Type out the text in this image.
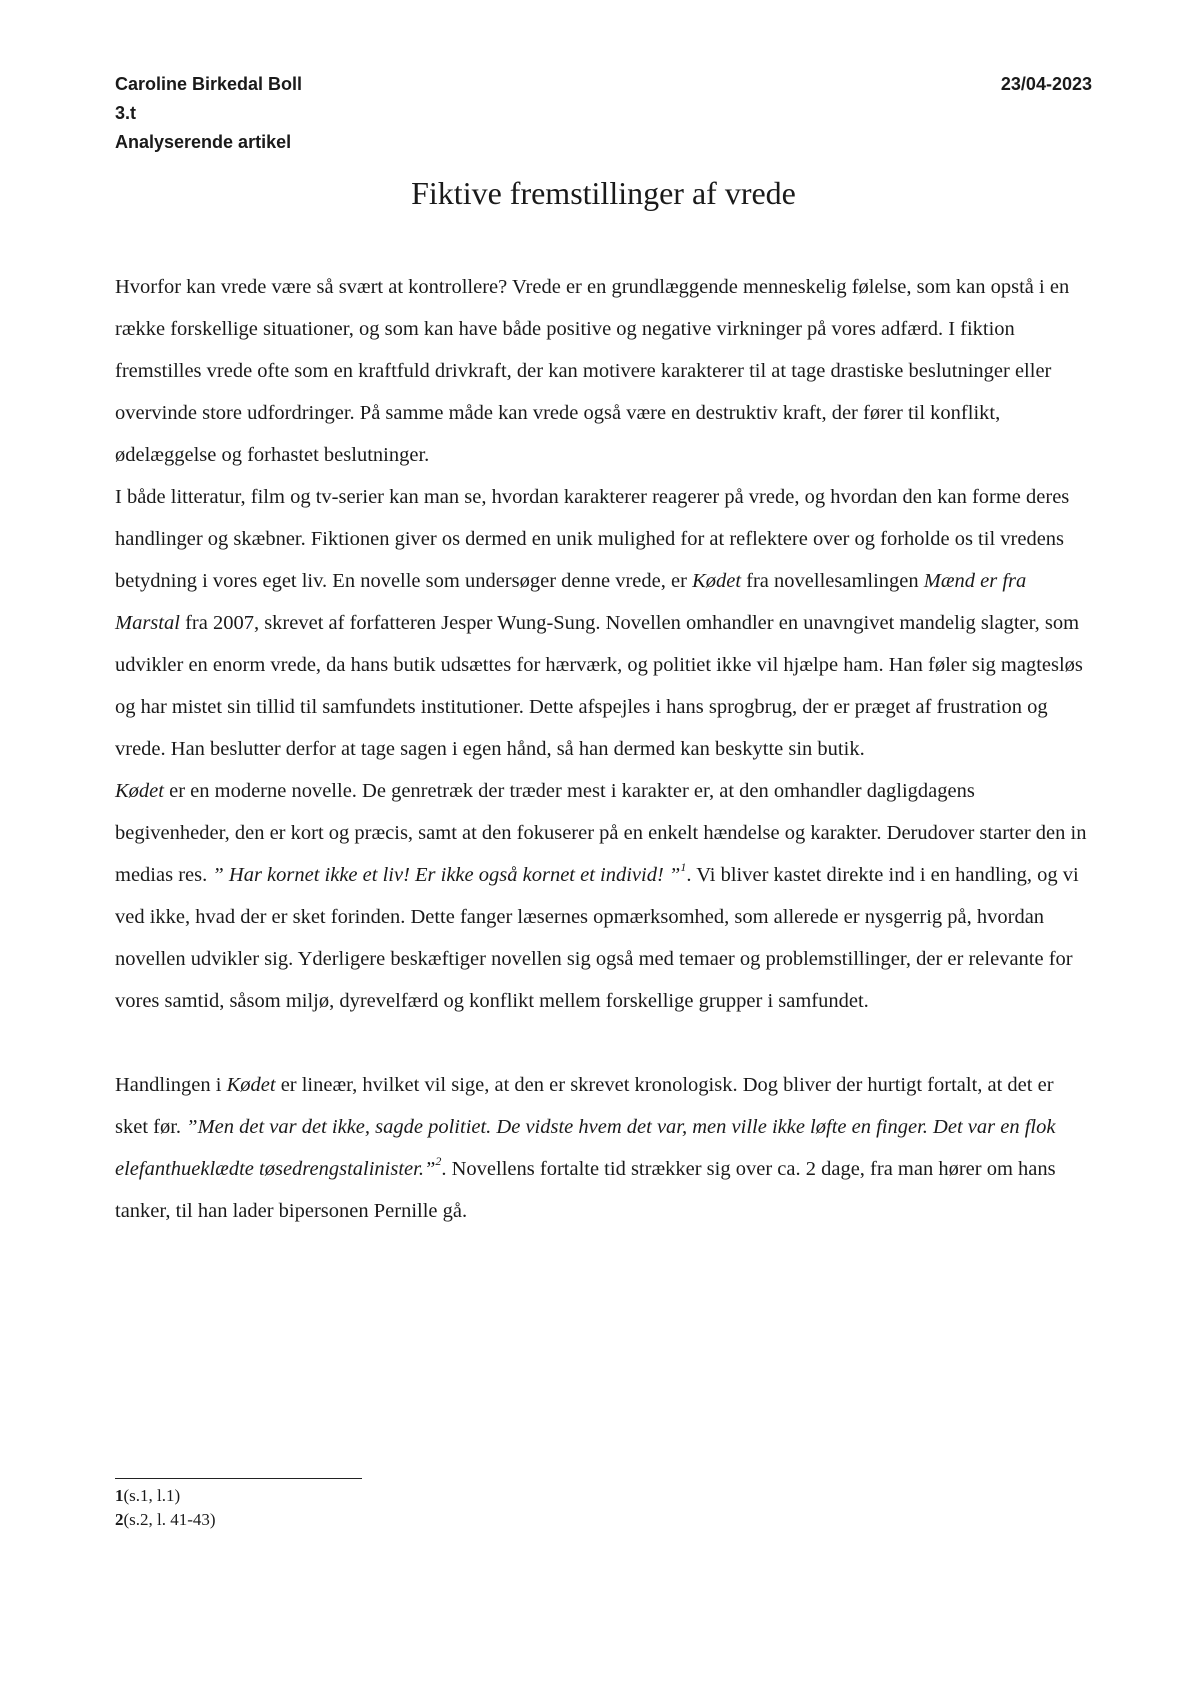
Caroline Birkedal Boll
3.t
Analyserende artikel
23/04-2023
Fiktive fremstillinger af vrede

Hvorfor kan vrede være så svært at kontrollere? Vrede er en grundlæggende menneskelig følelse, som kan opstå i en række forskellige situationer, og som kan have både positive og negative virkninger på vores adfærd. I fiktion fremstilles vrede ofte som en kraftfuld drivkraft, der kan motivere karakterer til at tage drastiske beslutninger eller overvinde store udfordringer. På samme måde kan vrede også være en destruktiv kraft, der fører til konflikt, ødelæggelse og forhastet beslutninger.

I både litteratur, film og tv-serier kan man se, hvordan karakterer reagerer på vrede, og hvordan den kan forme deres handlinger og skæbner. Fiktionen giver os dermed en unik mulighed for at reflektere over og forholde os til vredens betydning i vores eget liv. En novelle som undersøger denne vrede, er Kødet fra novellesamlingen Mænd er fra Marstal fra 2007, skrevet af forfatteren Jesper Wung-Sung. Novellen omhandler en unavngivet mandelig slagter, som udvikler en enorm vrede, da hans butik udsættes for hærværk, og politiet ikke vil hjælpe ham. Han føler sig magtesløs og har mistet sin tillid til samfundets institutioner. Dette afspejles i hans sprogbrug, der er præget af frustration og vrede. Han beslutter derfor at tage sagen i egen hånd, så han dermed kan beskytte sin butik.

Kødet er en moderne novelle. De genretræk der træder mest i karakter er, at den omhandler dagligdagens begivenheder, den er kort og præcis, samt at den fokuserer på en enkelt hændelse og karakter. Derudover starter den in medias res. ” Har kornet ikke et liv! Er ikke også kornet et individ! ”$^1$. Vi bliver kastet direkte ind i en handling, og vi ved ikke, hvad der er sket forinden. Dette fanger læsernes opmærksomhed, som allerede er nysgerrig på, hvordan novellen udvikler sig. Yderligere beskæftiger novellen sig også med temaer og problemstillinger, der er relevante for vores samtid, såsom miljø, dyrevelfærd og konflikt mellem forskellige grupper i samfundet.

Handlingen i Kødet er lineær, hvilket vil sige, at den er skrevet kronologisk. Dog bliver der hurtigt fortalt, at det er sket før. ”Men det var det ikke, sagde politiet. De vidste hvem det var, men ville ikke løfte en finger. Det var en flok elefanthueklædte tøsedrengstalinister.”$^2$. Novellens fortalte tid strækker sig over ca. 2 dage, fra man hører om hans tanker, til han lader bipersonen Pernille gå.

1(s.1, l.1)
2(s.2, l. 41-43)
